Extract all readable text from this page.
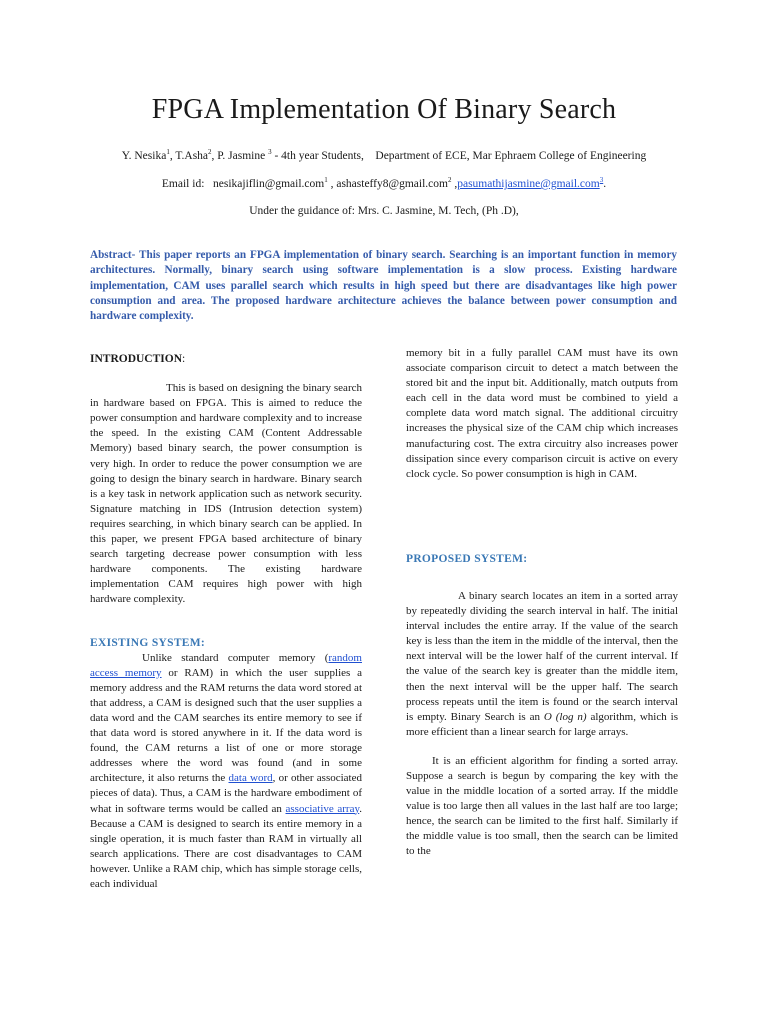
FPGA Implementation Of Binary Search
Y. Nesika$^1$, T.Asha$^2$, P. Jasmine $^3$ - 4th year Students,    Department of ECE, Mar Ephraem College of Engineering
Email id:   nesikajiflin@gmail.com$^1$ , ashasteffy8@gmail.com$^2$ ,pasumathijasmine@gmail.com$^3$.
Under the guidance of: Mrs. C. Jasmine, M. Tech, (Ph .D),

Abstract- This paper reports an FPGA implementation of binary search. Searching is an important function in memory architectures. Normally, binary search using software implementation is a slow process. Existing hardware implementation, CAM uses parallel search which results in high speed but there are disadvantages like high power consumption and area. The proposed hardware architecture achieves the balance between power consumption and hardware complexity.

INTRODUCTION:

This is based on designing the binary search in hardware based on FPGA. This is aimed to reduce the power consumption and hardware complexity and to increase the speed. In the existing CAM (Content Addressable Memory) based binary search, the power consumption is very high. In order to reduce the power consumption we are going to design the binary search in hardware. Binary search is a key task in network application such as network security. Signature matching in IDS (Intrusion detection system) requires searching, in which binary search can be applied. In this paper, we present FPGA based architecture of binary search targeting decrease power consumption with less hardware components. The existing hardware implementation CAM requires high power with high hardware complexity.

EXISTING SYSTEM:

Unlike standard computer memory (random access memory or RAM) in which the user supplies a memory address and the RAM returns the data word stored at that address, a CAM is designed such that the user supplies a data word and the CAM searches its entire memory to see if that data word is stored anywhere in it. If the data word is found, the CAM returns a list of one or more storage addresses where the word was found (and in some architecture, it also returns the data word, or other associated pieces of data). Thus, a CAM is the hardware embodiment of what in software terms would be called an associative array. Because a CAM is designed to search its entire memory in a single operation, it is much faster than RAM in virtually all search applications. There are cost disadvantages to CAM however. Unlike a RAM chip, which has simple storage cells, each individual

memory bit in a fully parallel CAM must have its own associate comparison circuit to detect a match between the stored bit and the input bit. Additionally, match outputs from each cell in the data word must be combined to yield a complete data word match signal. The additional circuitry increases the physical size of the CAM chip which increases manufacturing cost. The extra circuitry also increases power dissipation since every comparison circuit is active on every clock cycle. So power consumption is high in CAM.

PROPOSED SYSTEM:

A binary search locates an item in a sorted array by repeatedly dividing the search interval in half. The initial interval includes the entire array. If the value of the search key is less than the item in the middle of the interval, then the next interval will be the lower half of the current interval. If the value of the search key is greater than the middle item, then the next interval will be the upper half. The search process repeats until the item is found or the search interval is empty. Binary Search is an O (log n) algorithm, which is more efficient than a linear search for large arrays.

It is an efficient algorithm for finding a sorted array. Suppose a search is begun by comparing the key with the value in the middle location of a sorted array. If the middle value is too large then all values in the last half are too large; hence, the search can be limited to the first half. Similarly if the middle value is too small, then the search can be limited to the
